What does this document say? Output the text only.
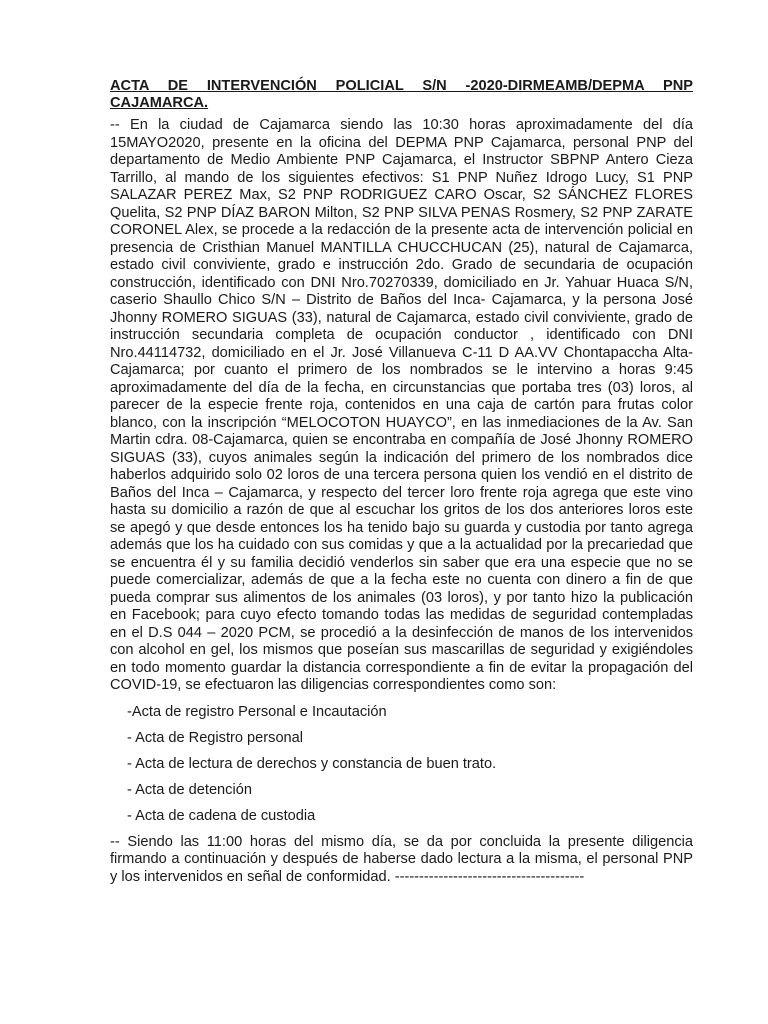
ACTA DE INTERVENCIÓN POLICIAL S/N -2020-DIRMEAMB/DEPMA PNP CAJAMARCA.

-- En la ciudad de Cajamarca siendo las 10:30 horas aproximadamente del día 15MAYO2020, presente en la oficina del DEPMA PNP Cajamarca, personal PNP del departamento de Medio Ambiente PNP Cajamarca, el Instructor SBPNP Antero Cieza Tarrillo, al mando de los siguientes efectivos: S1 PNP Nuñez Idrogo Lucy, S1 PNP SALAZAR PEREZ Max, S2 PNP RODRIGUEZ CARO Oscar, S2 SÁNCHEZ FLORES Quelita, S2 PNP DÍAZ BARON Milton, S2 PNP SILVA PENAS Rosmery, S2 PNP ZARATE CORONEL Alex, se procede a la redacción de la presente acta de intervención policial en presencia de Cristhian Manuel MANTILLA CHUCCHUCAN (25), natural de Cajamarca, estado civil conviviente, grado e instrucción 2do. Grado de secundaria de ocupación construcción, identificado con DNI Nro.70270339, domiciliado en Jr. Yahuar Huaca S/N, caserio Shaullo Chico S/N – Distrito de Baños del Inca- Cajamarca, y la persona José Jhonny ROMERO SIGUAS (33), natural de Cajamarca, estado civil conviviente, grado de instrucción secundaria completa de ocupación conductor , identificado con DNI Nro.44114732, domiciliado en el Jr. José Villanueva C-11 D AA.VV Chontapaccha Alta- Cajamarca; por cuanto el primero de los nombrados se le intervino a horas 9:45 aproximadamente del día de la fecha, en circunstancias que portaba tres (03) loros, al parecer de la especie frente roja, contenidos en una caja de cartón para frutas color blanco, con la inscripción “MELOCOTON HUAYCO”, en las inmediaciones de la Av. San Martin cdra. 08-Cajamarca, quien se encontraba en compañía de José Jhonny ROMERO SIGUAS (33), cuyos animales según la indicación del primero de los nombrados dice haberlos adquirido solo 02 loros de una tercera persona quien los vendió en el distrito de Baños del Inca – Cajamarca, y respecto del tercer loro frente roja agrega que este vino hasta su domicilio a razón de que al escuchar los gritos de los dos anteriores loros este se apegó y que desde entonces los ha tenido bajo su guarda y custodia por tanto agrega además que los ha cuidado con sus comidas y que a la actualidad por la precariedad que se encuentra él y su familia decidió venderlos sin saber que era una especie que no se puede comercializar, además de que a la fecha este no cuenta con dinero a fin de que pueda comprar sus alimentos de los animales (03 loros), y por tanto hizo la publicación en Facebook; para cuyo efecto tomando todas las medidas de seguridad contempladas en el D.S 044 – 2020 PCM, se procedió a la desinfección de manos de los intervenidos con alcohol en gel, los mismos que poseían sus mascarillas de seguridad y exigiéndoles en todo momento guardar la distancia correspondiente a fin de evitar la propagación del COVID-19, se efectuaron las diligencias correspondientes como son:

-Acta de registro Personal e Incautación
- Acta de Registro personal
- Acta de lectura de derechos y constancia de buen trato.
- Acta de detención
- Acta de cadena de custodia

-- Siendo las 11:00 horas del mismo día, se da por concluida la presente diligencia firmando a continuación y después de haberse dado lectura a la misma, el personal PNP y los intervenidos en señal de conformidad. ---------------------------------------
